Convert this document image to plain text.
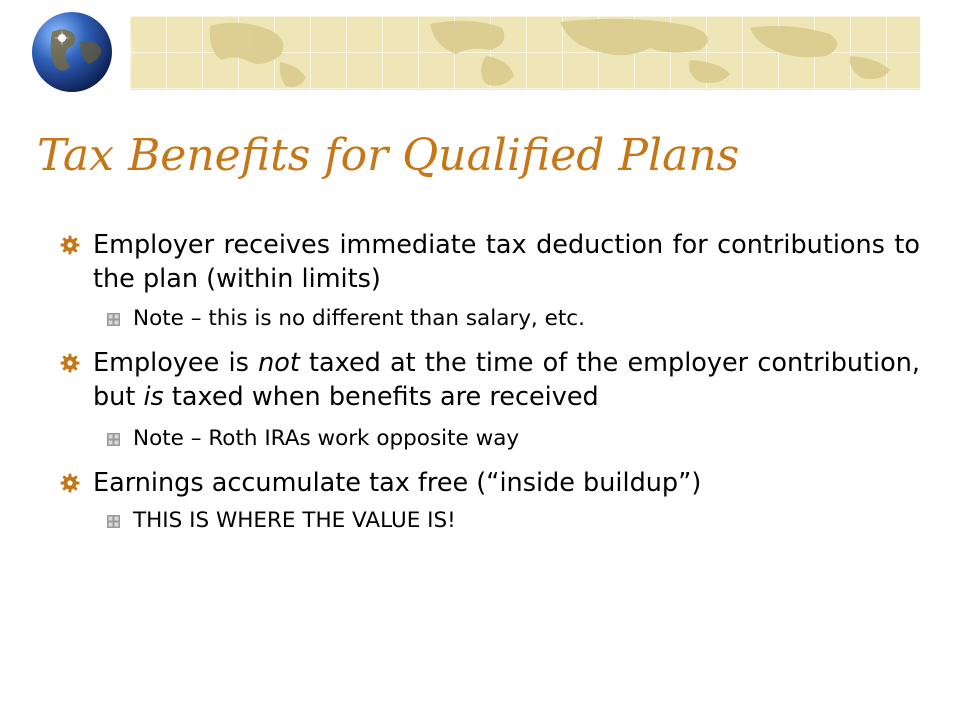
Tax Benefits for Qualified Plans
Employer receives immediate tax deduction for contributions to the plan (within limits)
Note – this is no different than salary, etc.
Employee is not taxed at the time of the employer contribution, but is taxed when benefits are received
Note – Roth IRAs work opposite way
Earnings accumulate tax free (“inside buildup”)
THIS IS WHERE THE VALUE IS!
